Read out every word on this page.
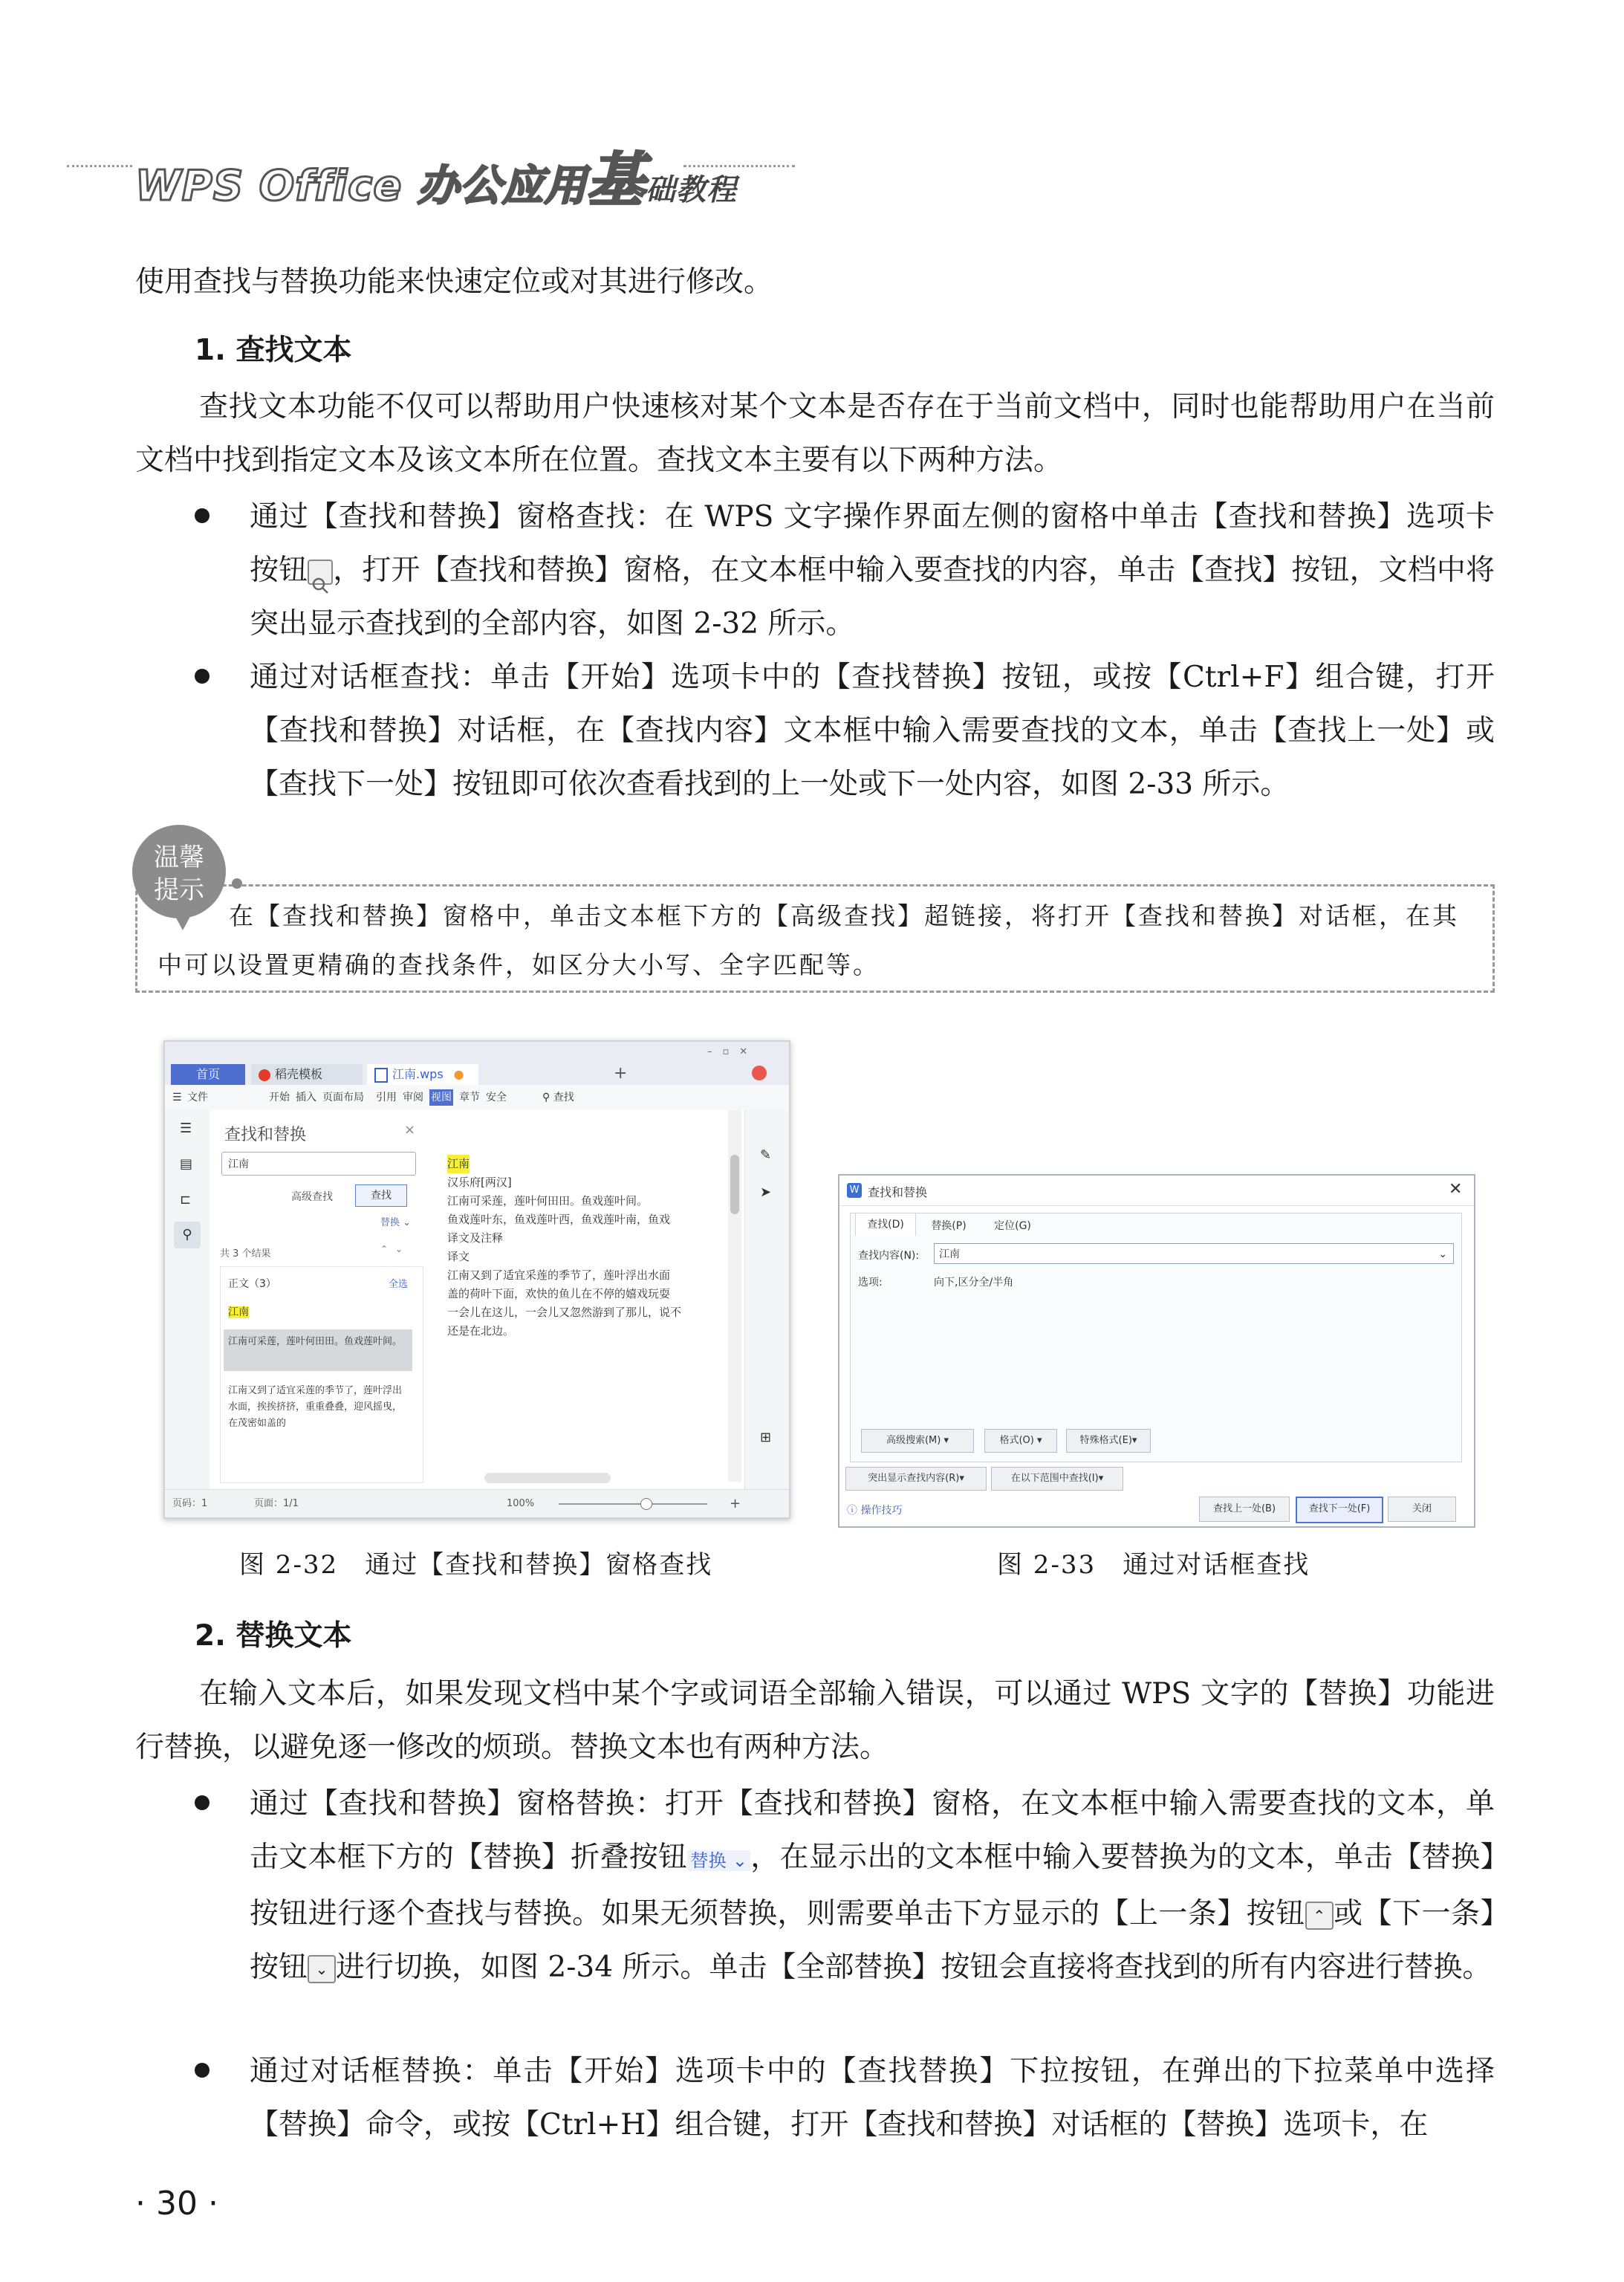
WPS Office 办公应用基础教程
使用查找与替换功能来快速定位或对其进行修改。
1. 查找文本
查找文本功能不仅可以帮助用户快速核对某个文本是否存在于当前文档中，同时也能帮助用户在当前文档中找到指定文本及该文本所在位置。查找文本主要有以下两种方法。
通过【查找和替换】窗格查找：在 WPS 文字操作界面左侧的窗格中单击【查找和替换】选项卡按钮 ，打开【查找和替换】窗格，在文本框中输入要查找的内容，单击【查找】按钮，文档中将突出显示查找到的全部内容，如图 2-32 所示。
通过对话框查找：单击【开始】选项卡中的【查找替换】按钮，或按【Ctrl+F】组合键，打开【查找和替换】对话框，在【查找内容】文本框中输入需要查找的文本，单击【查找上一处】或【查找下一处】按钮即可依次查看找到的上一处或下一处内容，如图 2-33 所示。
温馨
提示
在【查找和替换】窗格中，单击文本框下方的【高级查找】超链接，将打开【查找和替换】对话框，在其中可以设置更精确的查找条件，如区分大小写、全字匹配等。
首页	稻壳模板	江南.wps ●	+
–▫✕
☰ 文件	开始 插入 页面布局 引用 审阅 视图 章节 安全	⚲ 查找
☰
▤
⊏
⚲
查找和替换	×
江南
高级查找	查找
替换 ⌄
共 3 个结果	⌃⌄
正文（3）	全选
江南
江南可采莲，莲叶何田田。鱼戏莲叶间。
江南又到了适宜采莲的季节了，莲叶浮出水面，挨挨挤挤，重重叠叠，迎风摇曳，在茂密如盖的
江南

汉乐府[两汉]
江南可采莲，莲叶何田田。鱼戏莲叶间。
鱼戏莲叶东，鱼戏莲叶西，鱼戏莲叶南，鱼戏
译文及注释
译文
江南又到了适宜采莲的季节了，莲叶浮出水面
盖的荷叶下面，欢快的鱼儿在不停的嬉戏玩耍
一会儿在这儿，一会儿又忽然游到了那儿，说不
还是在北边。
✎
➤
⊞
页码：1	页面：1/1	100%	+
图 2-32　通过【查找和替换】窗格查找
W 查找和替换	✕
查找(D)	替换(P)	定位(G)
查找内容(N):	江南	⌄
选项:	向下,区分全/半角
高级搜索(M) ▾	格式(O) ▾	特殊格式(E)▾
突出显示查找内容(R)▾	在以下范围中查找(I)▾
ⓘ 操作技巧	查找上一处(B)	查找下一处(F)	关闭
图 2-33　通过对话框查找
2. 替换文本
在输入文本后，如果发现文档中某个字或词语全部输入错误，可以通过 WPS 文字的【替换】功能进行替换，以避免逐一修改的烦琐。替换文本也有两种方法。
通过【查找和替换】窗格替换：打开【查找和替换】窗格，在文本框中输入需要查找的文本，单击文本框下方的【替换】折叠按钮 替换 ⌄ ，在显示出的文本框中输入要替换为的文本，单击【替换】按钮进行逐个查找与替换。如果无须替换，则需要单击下方显示的【上一条】按钮 ⌃ 或【下一条】按钮 ⌄ 进行切换，如图 2-34 所示。单击【全部替换】按钮会直接将查找到的所有内容进行替换。
通过对话框替换：单击【开始】选项卡中的【查找替换】下拉按钮，在弹出的下拉菜单中选择【替换】命令，或按【Ctrl+H】组合键，打开【查找和替换】对话框的【替换】选项卡，在
· 30 ·
